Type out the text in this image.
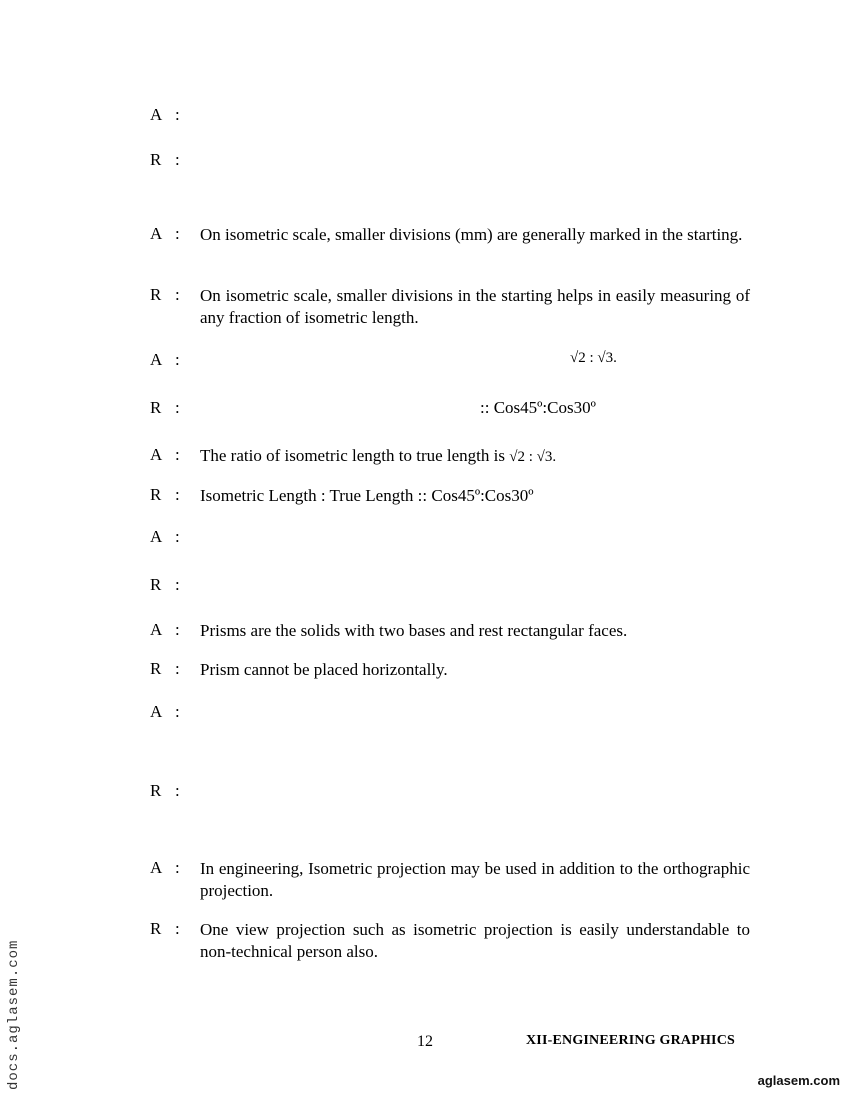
A :
R :
A : On isometric scale, smaller divisions (mm) are generally marked in the starting.
R : On isometric scale, smaller divisions in the starting helps in easily measuring of any fraction of isometric length.
A :	√2 : √3.
R :	:: Cos45º:Cos30º
A : The ratio of isometric length to true length is √2 : √3.
R : Isometric Length : True Length :: Cos45º:Cos30º
A :
R :
A : Prisms are the solids with two bases and rest rectangular faces.
R : Prism cannot be placed horizontally.
A :
R :
A : In engineering, Isometric projection may be used in addition to the orthographic projection.
R : One view projection such as isometric projection is easily understandable to non-technical person also.
12	XII-ENGINEERING GRAPHICS
docs.aglasem.com	aglasem.com
